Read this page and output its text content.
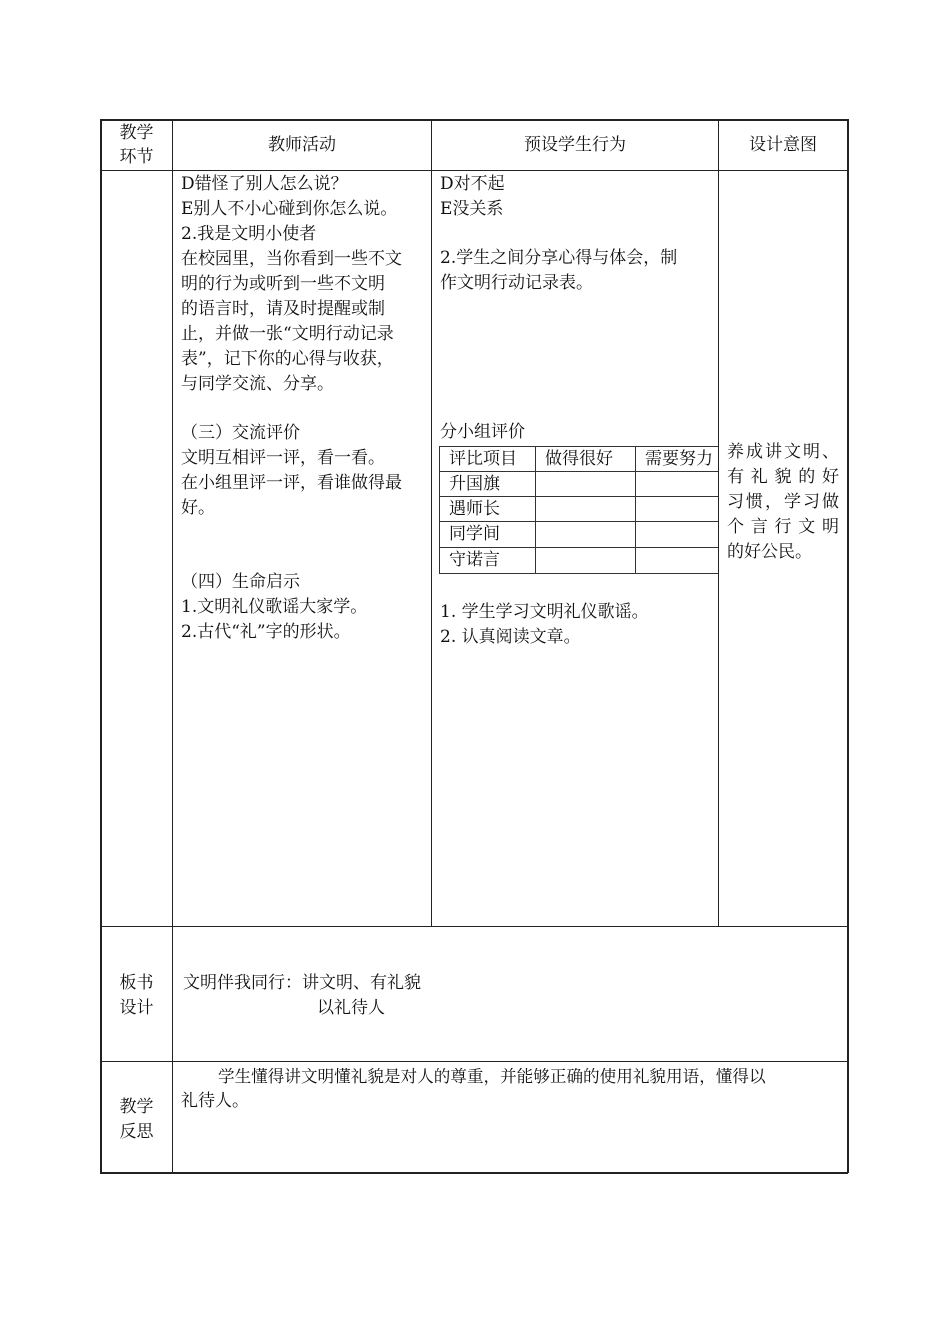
教学
环节
教师活动	预设学生行为	设计意图
D错怪了别人怎么说？
E别人不小心碰到你怎么说。
2.我是文明小使者
在校园里，当你看到一些不文
明的行为或听到一些不文明
的语言时，请及时提醒或制
止，并做一张“文明行动记录
表”，记下你的心得与收获，
与同学交流、分享。
（三）交流评价
文明互相评一评，看一看。
在小组里评一评，看谁做得最
好。
（四）生命启示
1.文明礼仪歌谣大家学。
2.古代“礼”字的形状。
D对不起
E没关系
2.学生之间分享心得与体会，制
作文明行动记录表。
分小组评价
评比项目 做得很好 需要努力
升国旗
遇师长
同学间
守诺言
1. 学生学习文明礼仪歌谣。
2. 认真阅读文章。
养成讲文明、
有礼貌的好
习惯，学习做
个言行文明
的好公民。
板书
设计
文明伴我同行：讲文明、有礼貌
以礼待人
教学
反思
学生懂得讲文明懂礼貌是对人的尊重，并能够正确的使用礼貌用语，懂得以
礼待人。
